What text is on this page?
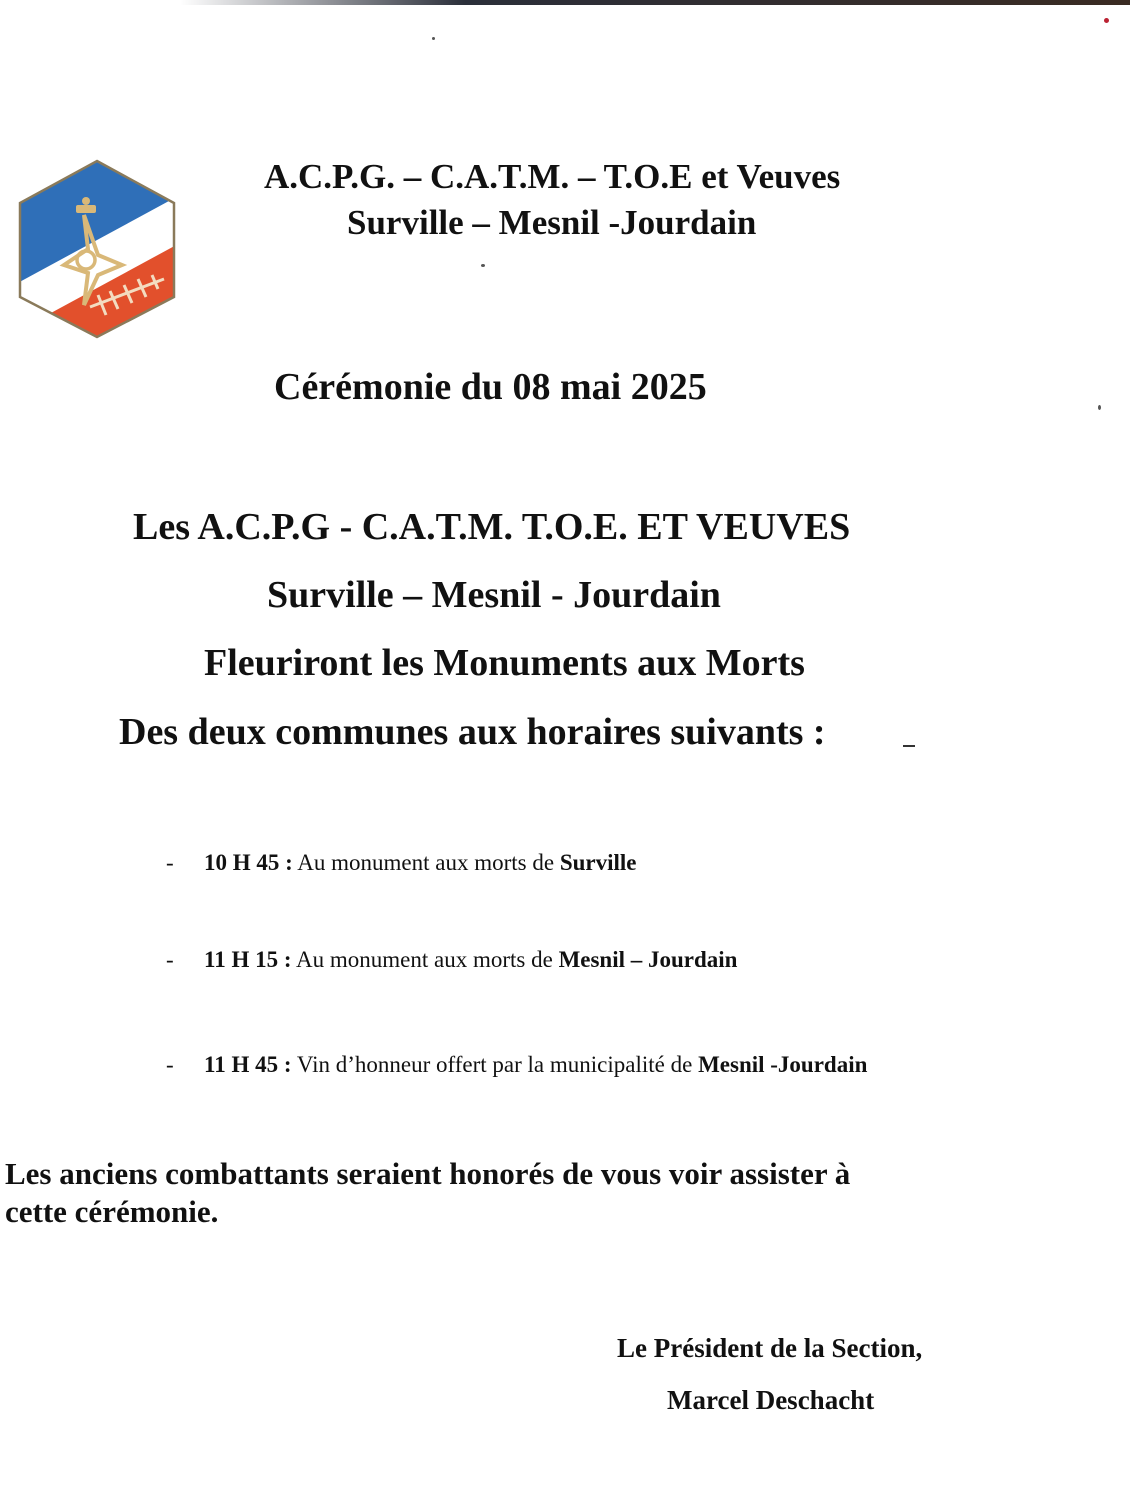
A.C.P.G. – C.A.T.M. – T.O.E et Veuves

Surville – Mesnil -Jourdain

Cérémonie du 08 mai 2025

Les A.C.P.G - C.A.T.M. T.O.E. ET VEUVES

Surville – Mesnil - Jourdain

Fleuriront les Monuments aux Morts

Des deux communes aux horaires suivants :

- 10 H 45 : Au monument aux morts de Surville
- 11 H 15 : Au monument aux morts de Mesnil – Jourdain
- 11 H 45 : Vin d’honneur offert par la municipalité de Mesnil -Jourdain
Les anciens combattants seraient honorés de vous voir assister à
cette cérémonie.

Le Président de la Section,

Marcel Deschacht
